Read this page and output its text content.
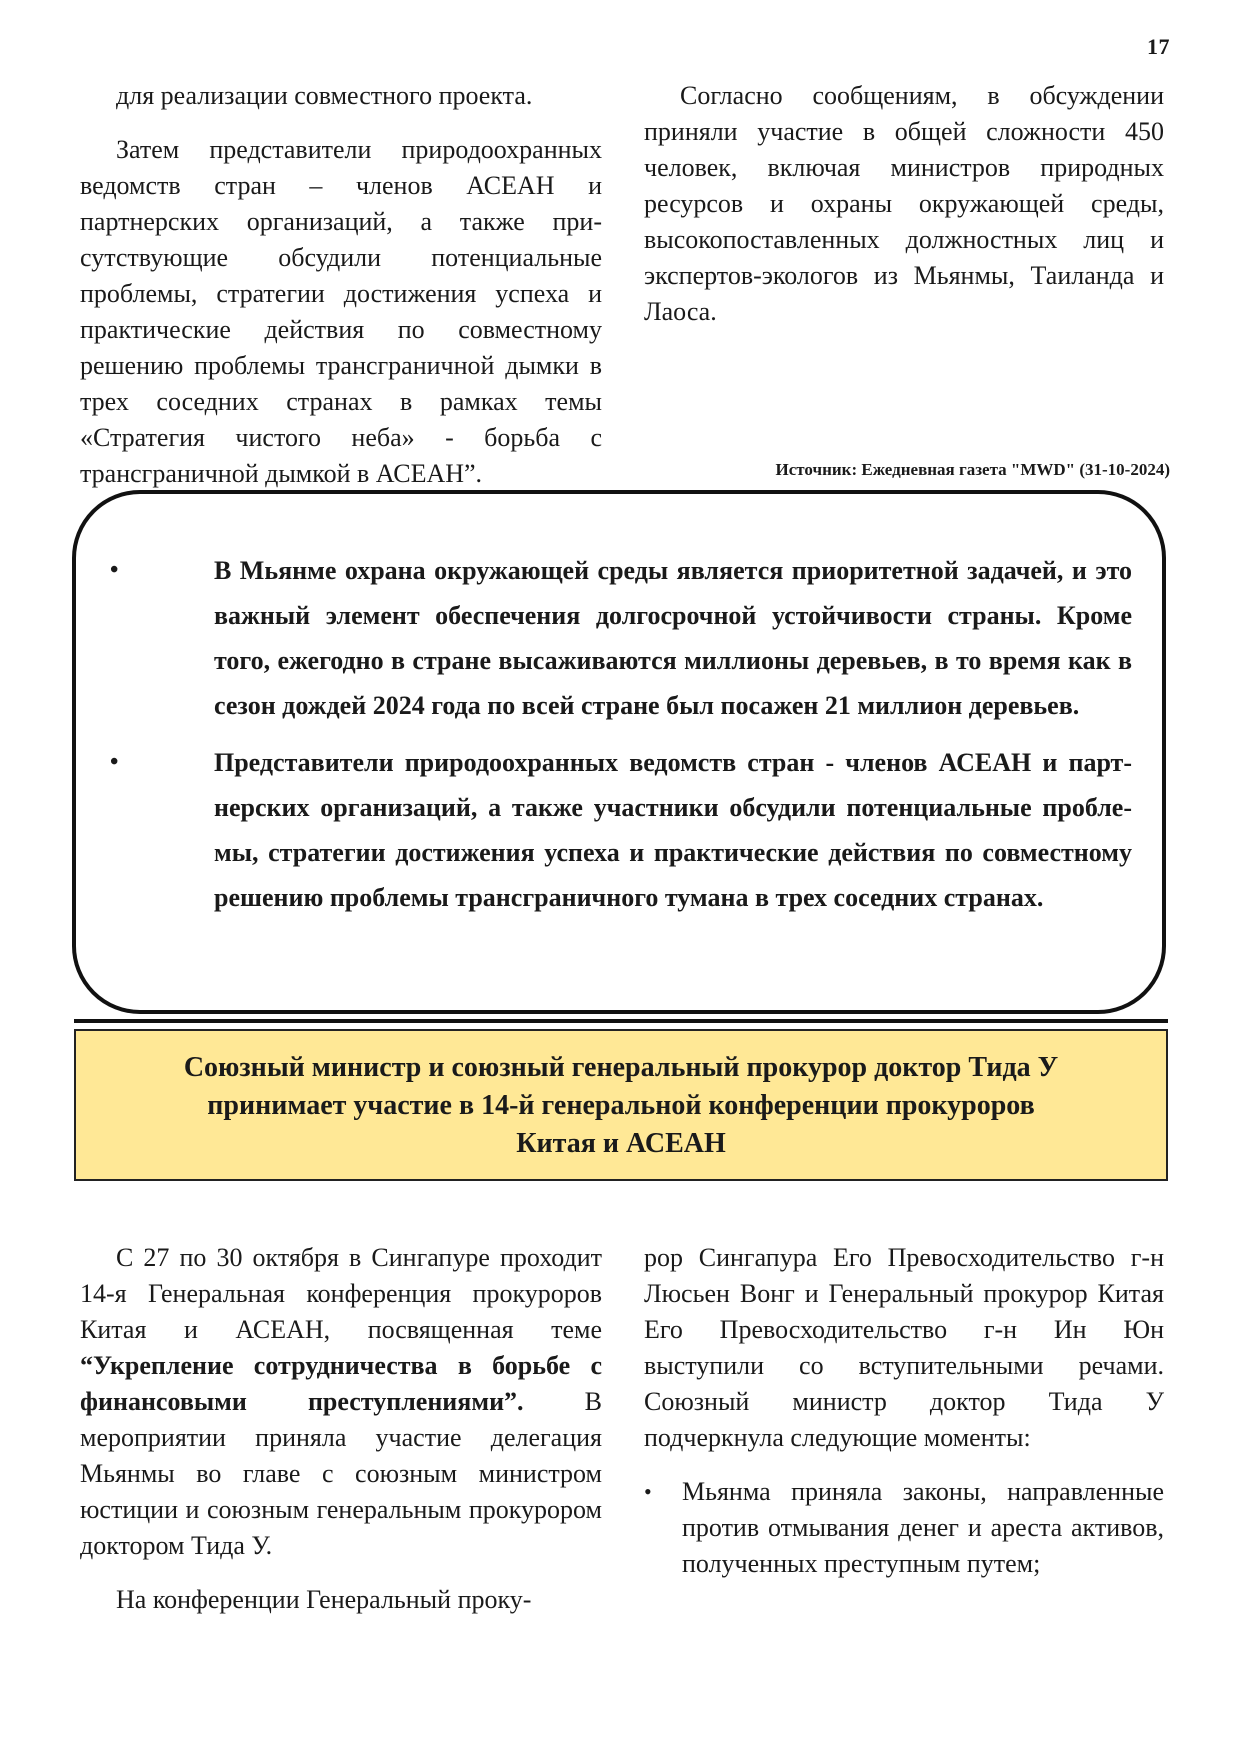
17

для реализации совместного проекта.

Затем представители природоохранных ведомств стран – членов АСЕАН и партнерских организаций, а также присутствующие обсудили потенциальные проблемы, стратегии достижения успеха и практические действия по совместному решению проблемы трансграничной дымки в трех соседних странах в рамках темы «Стратегия чистого неба» - борьба с трансграничной дымкой в АСЕАН”.

Согласно сообщениям, в обсуждении приняли участие в общей сложности 450 человек, включая министров природных ресурсов и охраны окружающей среды, высокопоставленных должностных лиц и экспертов-экологов из Мьянмы, Таиланда и Лаоса.

Источник: Ежедневная газета "MWD" (31-10-2024)
•	В Мьянме охрана окружающей среды является приоритетной задачей, и это важный элемент обеспечения долгосрочной устойчивости страны. Кроме того, ежегодно в стране высаживаются миллионы деревьев, в то время как в сезон дождей 2024 года по всей стране был посажен 21 миллион деревьев.
•	Представители природоохранных ведомств стран - членов АСЕАН и партнерских организаций, а также участники обсудили потенциальные проблемы, стратегии достижения успеха и практические действия по совместному решению проблемы трансграничного тумана в трех соседних странах.
Союзный министр и союзный генеральный прокурор доктор Тида У
принимает участие в 14-й генеральной конференции прокуроров
Китая и АСЕАН

С 27 по 30 октября в Сингапуре проходит 14-я Генеральная конференция прокуроров Китая и АСЕАН, посвященная теме “Укрепление сотрудничества в борьбе с финансовыми преступлениями”. В мероприятии приняла участие делегация Мьянмы во главе с союзным министром юстиции и союзным генеральным прокурором доктором Тида У.

На конференции Генеральный проку-

рор Сингапура Его Превосходительство г-н Люсьен Вонг и Генеральный прокурор Китая Его Превосходительство г-н Ин Юн выступили со вступительными речами. Союзный министр доктор Тида У подчеркнула следующие моменты:

• Мьянма приняла законы, направленные против отмывания денег и ареста активов, полученных преступным путем;
